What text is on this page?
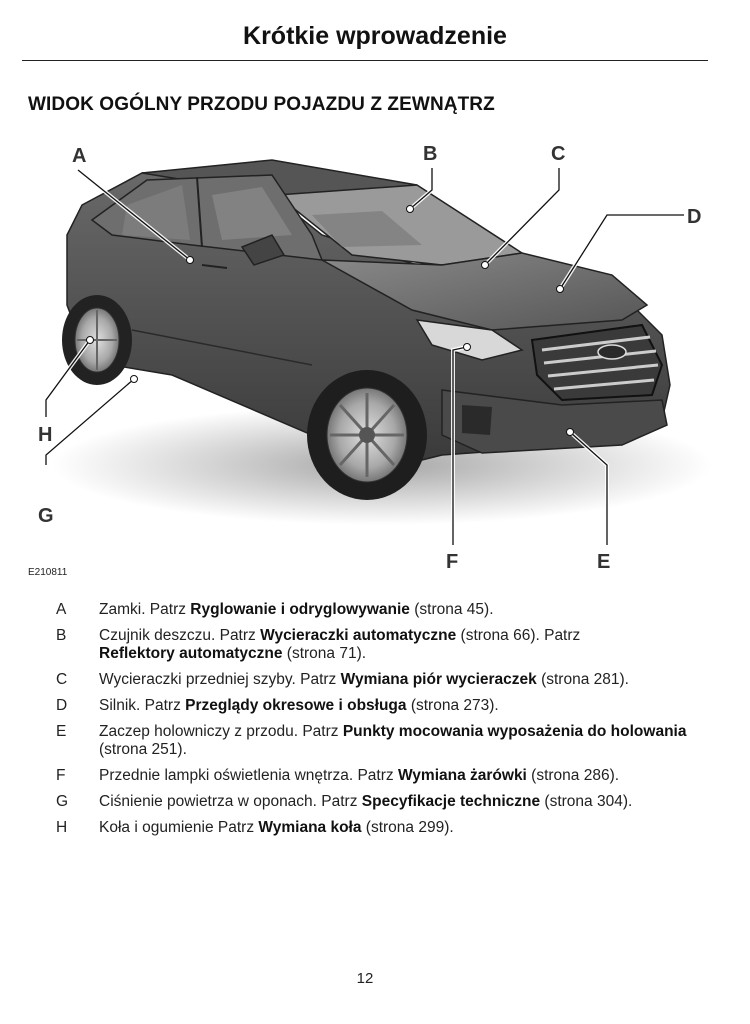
Krótkie wprowadzenie
WIDOK OGÓLNY PRZODU POJAZDU Z ZEWNĄTRZ
A	B	C
D
E
F
G
H
E210811
A Zamki. Patrz Ryglowanie i odryglowywanie (strona 45).
B Czujnik deszczu. Patrz Wycieraczki automatyczne (strona 66). Patrz
Reflektory automatyczne (strona 71).
C Wycieraczki przedniej szyby. Patrz Wymiana piór wycieraczek (strona 281).
D Silnik. Patrz Przeglądy okresowe i obsługa (strona 273).
E Zaczep holowniczy z przodu. Patrz Punkty mocowania wyposażenia do holowania (strona 251).
F Przednie lampki oświetlenia wnętrza. Patrz Wymiana żarówki (strona 286).
G Ciśnienie powietrza w oponach. Patrz Specyfikacje techniczne (strona 304).
H Koła i ogumienie Patrz Wymiana koła (strona 299).
12
